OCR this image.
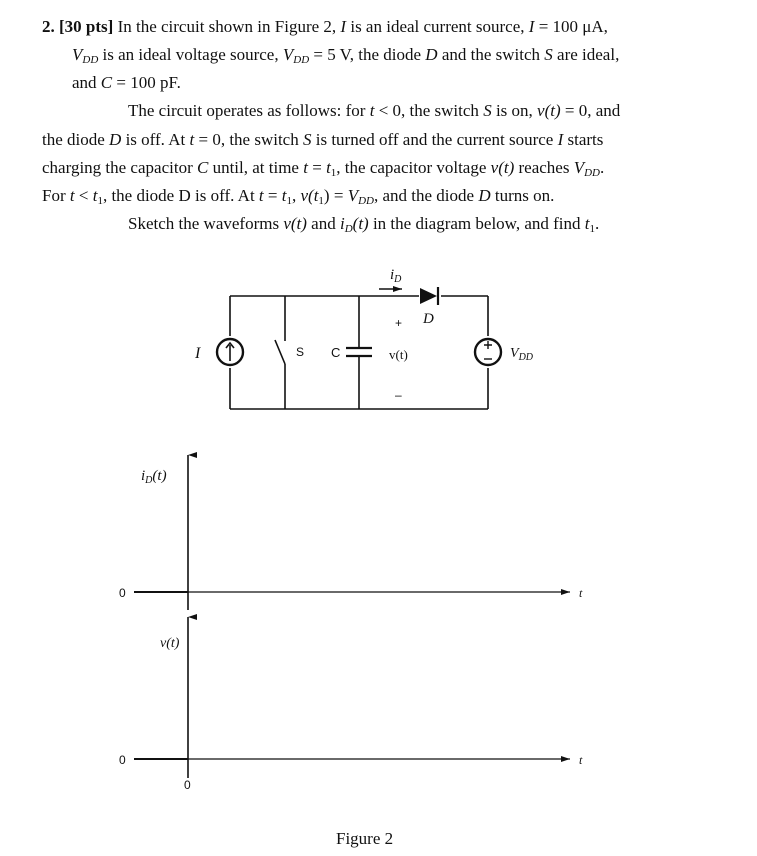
2. [30 pts] In the circuit shown in Figure 2, I is an ideal current source, I = 100 μA,
$V_{DD}$ is an ideal voltage source, $V_{DD} = 5$ V, the diode D and the switch S are ideal,
and C = 100 pF.
The circuit operates as follows: for t < 0, the switch S is on, v(t) = 0, and
the diode D is off. At t = 0, the switch S is turned off and the current source I starts
charging the capacitor C until, at time $t = t_1$, the capacitor voltage v(t) reaches $V_{DD}$.
For $t < t_1$, the diode D is off. At $t = t_1$, $v(t_1) = V_{DD}$, and the diode D turns on.
Sketch the waveforms v(t) and $i_D(t)$ in the diagram below, and find $t_1$.
I	S C
+
v(t)
–
$i_D$
D
$V_{DD}$
$i_D(t)$
0	t
v(t)
0	t
0
Figure 2
